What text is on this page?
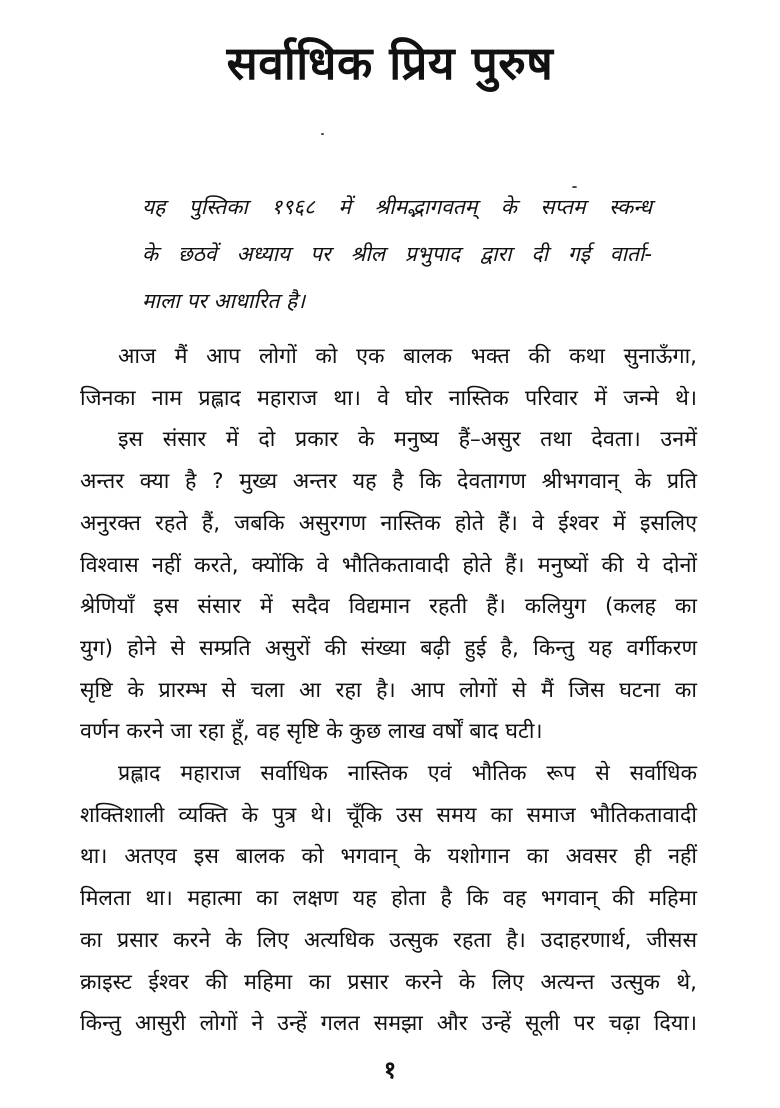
सर्वाधिक प्रिय पुरुष
यह पुस्तिका १९६८ में श्रीमद्भागवतम् के सप्तम स्कन्ध
के छठवें अध्याय पर श्रील प्रभुपाद द्वारा दी गई वार्ता-
माला पर आधारित है।
आज मैं आप लोगों को एक बालक भक्त की कथा सुनाऊँगा,
जिनका नाम प्रह्लाद महाराज था। वे घोर नास्तिक परिवार में जन्मे थे।
इस संसार में दो प्रकार के मनुष्य हैं–असुर तथा देवता। उनमें
अन्तर क्या है ? मुख्य अन्तर यह है कि देवतागण श्रीभगवान् के प्रति
अनुरक्त रहते हैं, जबकि असुरगण नास्तिक होते हैं। वे ईश्वर में इसलिए
विश्वास नहीं करते, क्योंकि वे भौतिकतावादी होते हैं। मनुष्यों की ये दोनों
श्रेणियाँ इस संसार में सदैव विद्यमान रहती हैं। कलियुग (कलह का
युग) होने से सम्प्रति असुरों की संख्या बढ़ी हुई है, किन्तु यह वर्गीकरण
सृष्टि के प्रारम्भ से चला आ रहा है। आप लोगों से मैं जिस घटना का
वर्णन करने जा रहा हूँ, वह सृष्टि के कुछ लाख वर्षों बाद घटी।
प्रह्लाद महाराज सर्वाधिक नास्तिक एवं भौतिक रूप से सर्वाधिक
शक्तिशाली व्यक्ति के पुत्र थे। चूँकि उस समय का समाज भौतिकतावादी
था। अतएव इस बालक को भगवान् के यशोगान का अवसर ही नहीं
मिलता था। महात्मा का लक्षण यह होता है कि वह भगवान् की महिमा
का प्रसार करने के लिए अत्यधिक उत्सुक रहता है। उदाहरणार्थ, जीसस
क्राइस्ट ईश्वर की महिमा का प्रसार करने के लिए अत्यन्त उत्सुक थे,
किन्तु आसुरी लोगों ने उन्हें गलत समझा और उन्हें सूली पर चढ़ा दिया।
१
